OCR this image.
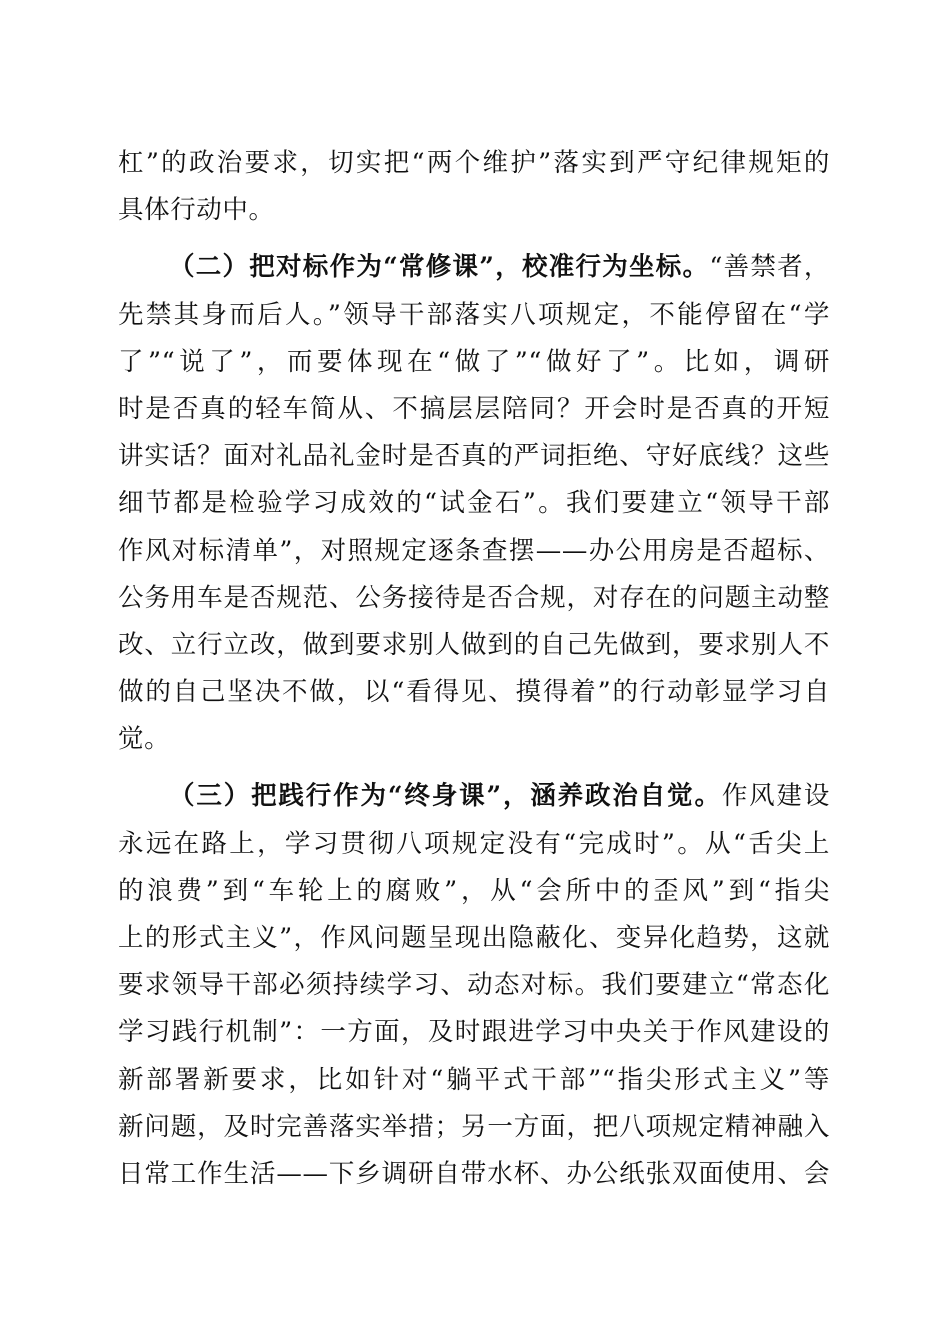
杠”的政治要求，切实把“两个维护”落实到严守纪律规矩的
具体行动中。
（二）把对标作为“常修课”，校准行为坐标。“善禁者，
先禁其身而后人。”领导干部落实八项规定，不能停留在“学
了”“说了”，而要体现在“做了”“做好了”。比如，调研
时是否真的轻车简从、不搞层层陪同？开会时是否真的开短
讲实话？面对礼品礼金时是否真的严词拒绝、守好底线？这些
细节都是检验学习成效的“试金石”。我们要建立“领导干部
作风对标清单”，对照规定逐条查摆——办公用房是否超标、
公务用车是否规范、公务接待是否合规，对存在的问题主动整
改、立行立改，做到要求别人做到的自己先做到，要求别人不
做的自己坚决不做，以“看得见、摸得着”的行动彰显学习自
觉。
（三）把践行作为“终身课”，涵养政治自觉。作风建设
永远在路上，学习贯彻八项规定没有“完成时”。从“舌尖上
的浪费”到“车轮上的腐败”，从“会所中的歪风”到“指尖
上的形式主义”，作风问题呈现出隐蔽化、变异化趋势，这就
要求领导干部必须持续学习、动态对标。我们要建立“常态化
学习践行机制”：一方面，及时跟进学习中央关于作风建设的
新部署新要求，比如针对“躺平式干部”“指尖形式主义”等
新问题，及时完善落实举措；另一方面，把八项规定精神融入
日常工作生活——下乡调研自带水杯、办公纸张双面使用、会
